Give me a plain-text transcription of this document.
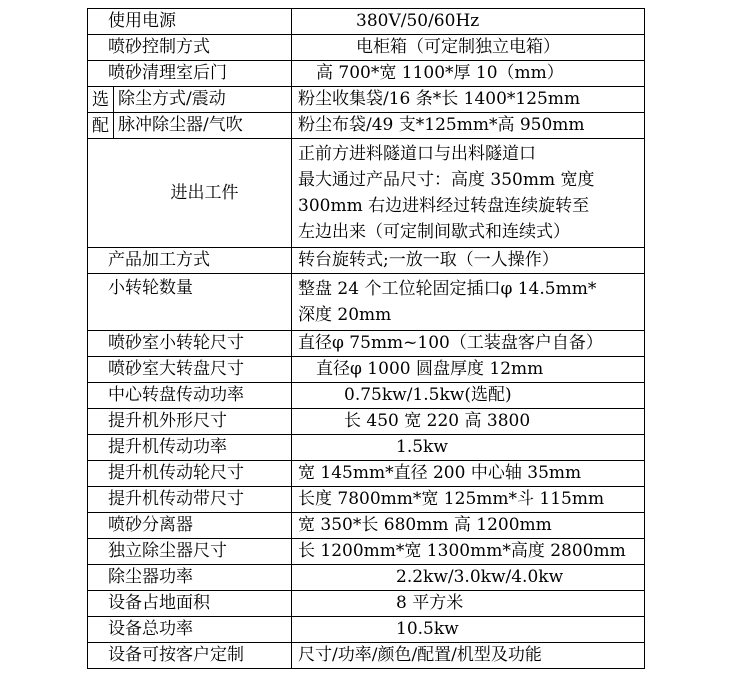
使用电源		380V/50/60Hz
喷砂控制方式		电柜箱（可定制独立电箱）
喷砂清理室后门		高 700*宽 1100*厚 10（mm）
选	除尘方式/震动	粉尘收集袋/16 条*长 1400*125mm
配	脉冲除尘器/气吹	粉尘布袋/49 支*125mm*高 950mm
进出工件		正前方进料隧道口与出料隧道口
最大通过产品尺寸：高度 350mm 宽度
300mm 右边进料经过转盘连续旋转至
左边出来（可定制间歇式和连续式）

产品加工方式		转台旋转式;一放一取（一人操作）
小转轮数量		整盘 24 个工位轮固定插口φ 14.5mm*
深度 20mm

喷砂室小转轮尺寸		直径φ 75mm~100（工装盘客户自备）
喷砂室大转盘尺寸		直径φ 1000 圆盘厚度 12mm
中心转盘传动功率		0.75kw/1.5kw(选配)
提升机外形尺寸		长 450 宽 220 高 3800
提升机传动功率		1.5kw
提升机传动轮尺寸		宽 145mm*直径 200 中心轴 35mm
提升机传动带尺寸		长度 7800mm*宽 125mm*斗 115mm
喷砂分离器		宽 350*长 680mm 高 1200mm
独立除尘器尺寸		长 1200mm*宽 1300mm*高度 2800mm
除尘器功率		2.2kw/3.0kw/4.0kw
设备占地面积		8 平方米
设备总功率		10.5kw
设备可按客户定制		尺寸/功率/颜色/配置/机型及功能
